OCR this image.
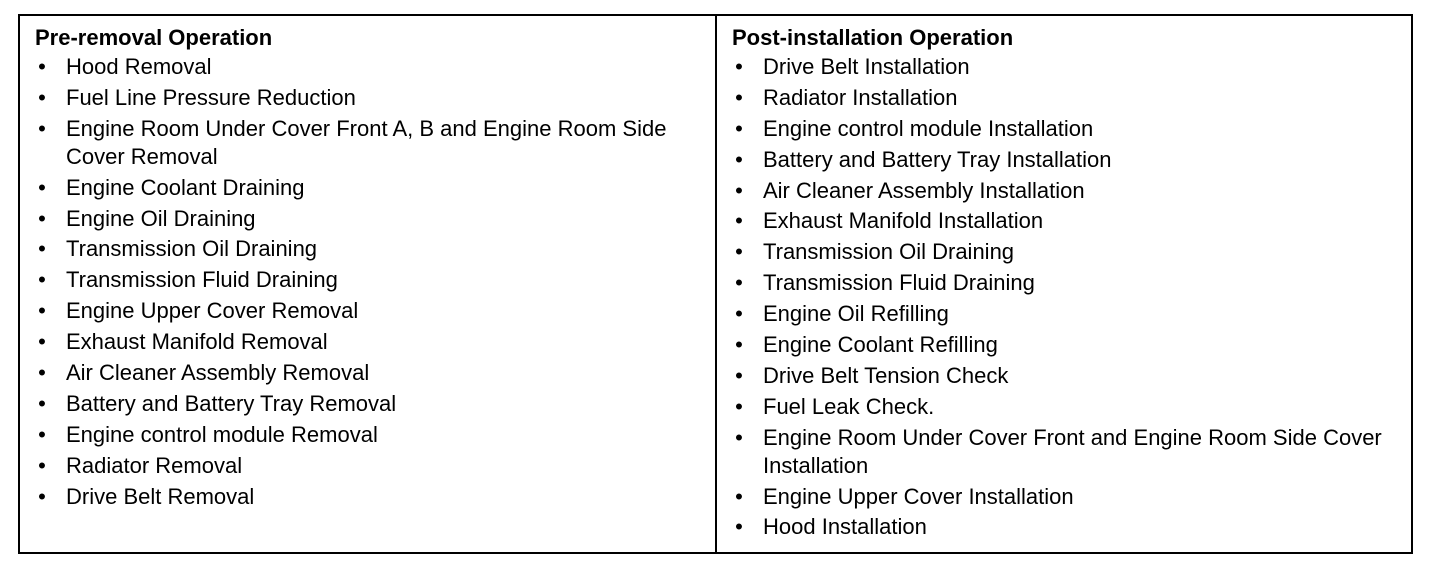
Pre-removal Operation
• Hood Removal
• Fuel Line Pressure Reduction
• Engine Room Under Cover Front A, B and Engine Room Side Cover Removal
• Engine Coolant Draining
• Engine Oil Draining
• Transmission Oil Draining
• Transmission Fluid Draining
• Engine Upper Cover Removal
• Exhaust Manifold Removal
• Air Cleaner Assembly Removal
• Battery and Battery Tray Removal
• Engine control module Removal
• Radiator Removal
• Drive Belt Removal
Post-installation Operation
• Drive Belt Installation
• Radiator Installation
• Engine control module Installation
• Battery and Battery Tray Installation
• Air Cleaner Assembly Installation
• Exhaust Manifold Installation
• Transmission Oil Draining
• Transmission Fluid Draining
• Engine Oil Refilling
• Engine Coolant Refilling
• Drive Belt Tension Check
• Fuel Leak Check.
• Engine Room Under Cover Front and Engine Room Side Cover Installation
• Engine Upper Cover Installation
• Hood Installation
